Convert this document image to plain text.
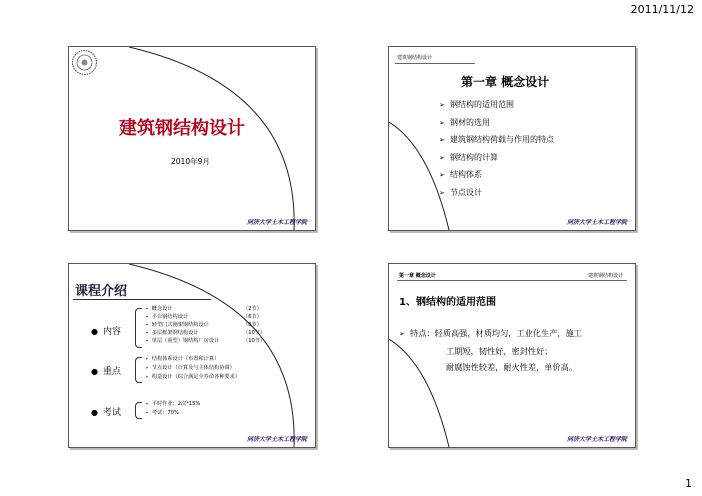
2011/11/12
建筑钢结构设计
2010年9月
同济大学土木工程学院
建筑钢结构设计
第一章 概念设计
➢ 钢结构的适用范围
➢ 钢材的选用
➢ 建筑钢结构荷载与作用的特点
➢ 钢结构的计算
➢ 结构体系
➢ 节点设计
同济大学土木工程学院
课程介绍
● 内容
➢ 概念设计	（2节）
➢ 平台钢结构设计	（6节）
➢ 轻型门式刚架钢结构设计	（8节）
➢ 多层框架钢结构设计	（10节）
➢ 单层（重型）钢结构厂房设计	（10节）
● 重点
➢ 结构体系设计（布置和计算）
➢ 节点设计（计算及与主体结构协调）
➢ 构造设计（综合满足全寿命各种要求）
● 考试
➢ 平时作业：2次*15%
➢ 考试：70%
同济大学土木工程学院
第一章 概念设计	建筑钢结构设计
1、钢结构的适用范围
➢ 特点：轻质高强，材质均匀，工业化生产，施工
工期短，韧性好，密封性好；
耐腐蚀性较差，耐火性差，单价高。
同济大学土木工程学院
1
